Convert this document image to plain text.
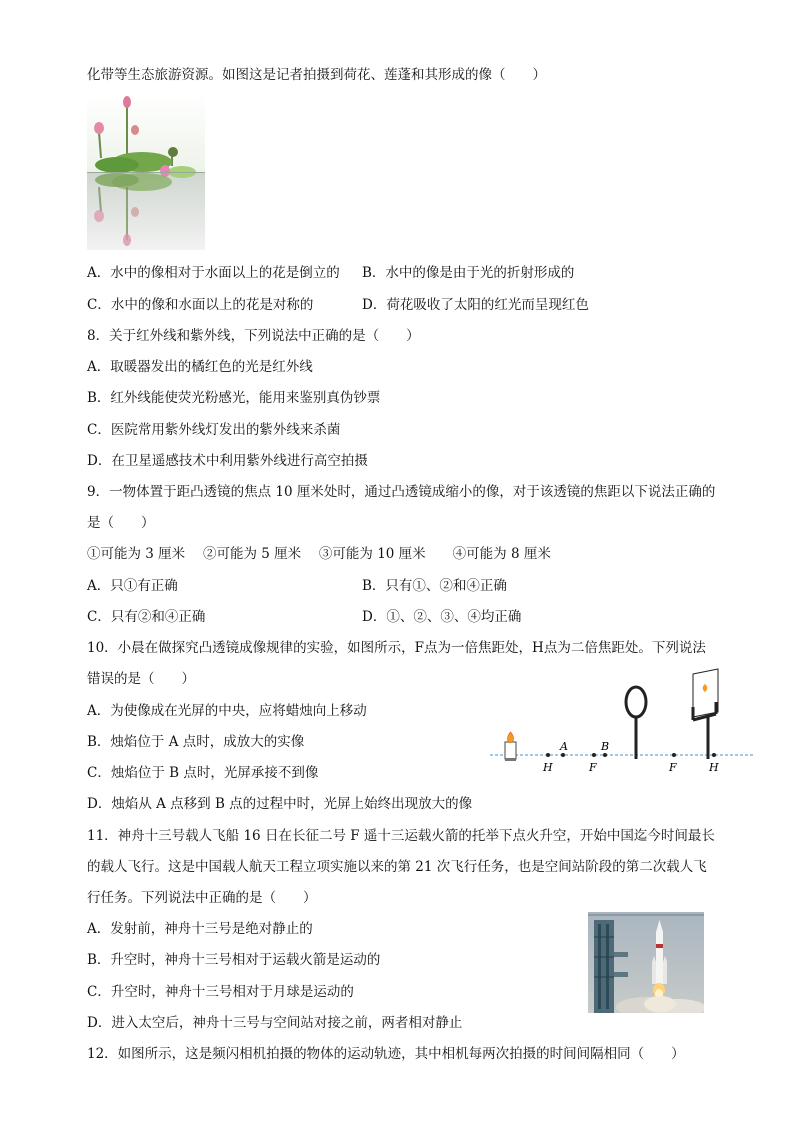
化带等生态旅游资源。如图这是记者拍摄到荷花、莲蓬和其形成的像（　　）
A．水中的像相对于水面以上的花是倒立的 B．水中的像是由于光的折射形成的
C．水中的像和水面以上的花是对称的	D．荷花吸收了太阳的红光而呈现红色
8．关于红外线和紫外线，下列说法中正确的是（　　）
A．取暖器发出的橘红色的光是红外线
B．红外线能使荧光粉感光，能用来鉴别真伪钞票
C．医院常用紫外线灯发出的紫外线来杀菌
D．在卫星遥感技术中利用紫外线进行高空拍摄
9．一物体置于距凸透镜的焦点 10 厘米处时，通过凸透镜成缩小的像，对于该透镜的焦距以下说法正确的
是（　　）
①可能为 3 厘米　 ②可能为 5 厘米　 ③可能为 10 厘米　　④可能为 8 厘米
A．只①有正确	B．只有①、②和④正确
C．只有②和④正确	D．①、②、③、④均正确
10．小晨在做探究凸透镜成像规律的实验，如图所示，F点为一倍焦距处，H点为二倍焦距处。下列说法
错误的是（　　）
A．为使像成在光屏的中央，应将蜡烛向上移动
B．烛焰位于 A 点时，成放大的实像
C．烛焰位于 B 点时，光屏承接不到像
D．烛焰从 A 点移到 B 点的过程中时，光屏上始终出现放大的像
A	B
H	F	F	H
11．神舟十三号载人飞船 16 日在长征二号 F 遥十三运载火箭的托举下点火升空，开始中国迄今时间最长
的载人飞行。这是中国载人航天工程立项实施以来的第 21 次飞行任务，也是空间站阶段的第二次载人飞
行任务。下列说法中正确的是（　　）
A．发射前，神舟十三号是绝对静止的
B．升空时，神舟十三号相对于运载火箭是运动的
C．升空时，神舟十三号相对于月球是运动的
D．进入太空后，神舟十三号与空间站对接之前，两者相对静止
12．如图所示，这是频闪相机拍摄的物体的运动轨迹，其中相机每两次拍摄的时间间隔相同（　　）
